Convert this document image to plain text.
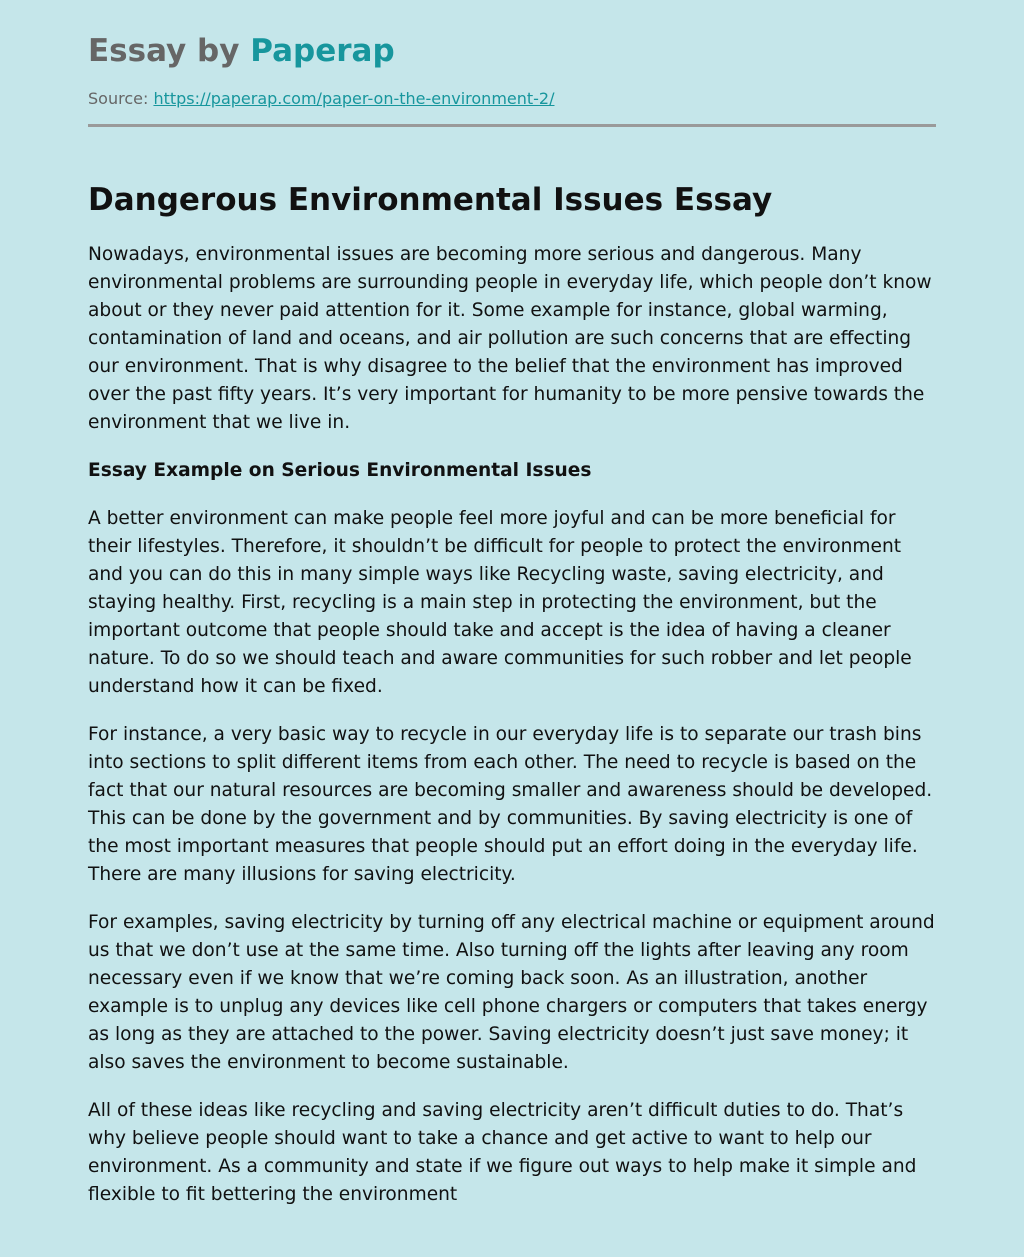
Essay by Paperap
Source: https://paperap.com/paper-on-the-environment-2/
Dangerous Environmental Issues Essay

Nowadays, environmental issues are becoming more serious and dangerous. Many environmental problems are surrounding people in everyday life, which people don’t know about or they never paid attention for it. Some example for instance, global warming, contamination of land and oceans, and air pollution are such concerns that are effecting our environment. That is why disagree to the belief that the environment has improved over the past fifty years. It’s very important for humanity to be more pensive towards the environment that we live in.

Essay Example on Serious Environmental Issues

A better environment can make people feel more joyful and can be more beneficial for their lifestyles. Therefore, it shouldn’t be difficult for people to protect the environment and you can do this in many simple ways like Recycling waste, saving electricity, and staying healthy. First, recycling is a main step in protecting the environment, but the important outcome that people should take and accept is the idea of having a cleaner nature. To do so we should teach and aware communities for such robber and let people understand how it can be fixed.

For instance, a very basic way to recycle in our everyday life is to separate our trash bins into sections to split different items from each other. The need to recycle is based on the fact that our natural resources are becoming smaller and awareness should be developed. This can be done by the government and by communities. By saving electricity is one of the most important measures that people should put an effort doing in the everyday life. There are many illusions for saving electricity.

For examples, saving electricity by turning off any electrical machine or equipment around us that we don’t use at the same time. Also turning off the lights after leaving any room necessary even if we know that we’re coming back soon. As an illustration, another example is to unplug any devices like cell phone chargers or computers that takes energy as long as they are attached to the power. Saving electricity doesn’t just save money; it also saves the environment to become sustainable.

All of these ideas like recycling and saving electricity aren’t difficult duties to do. That’s why believe people should want to take a chance and get active to want to help our environment. As a community and state if we figure out ways to help make it simple and flexible to fit bettering the environment
